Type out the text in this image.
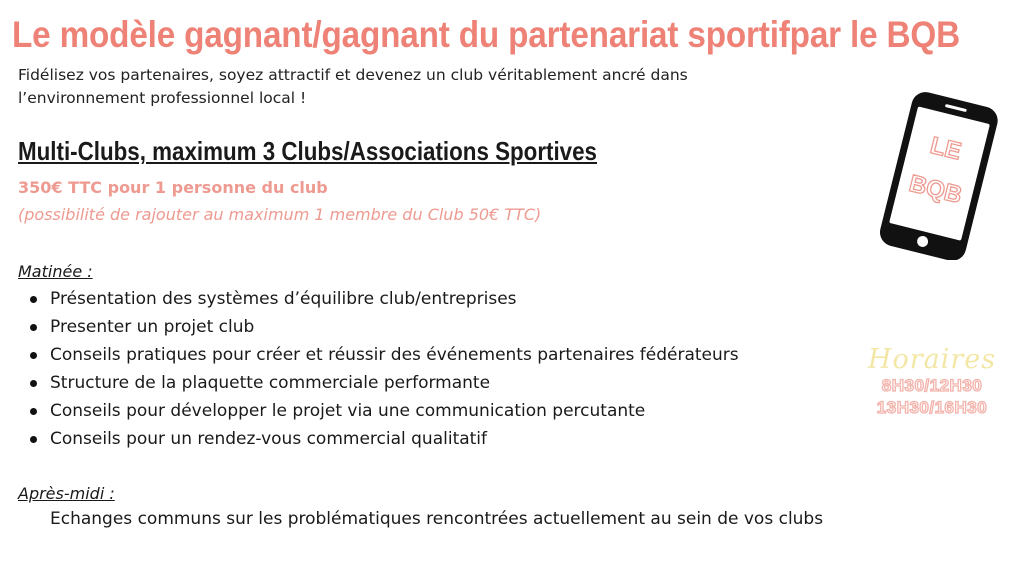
Le modèle gagnant/gagnant du partenariat sportifpar le BQB
Fidélisez vos partenaires, soyez attractif et devenez un club véritablement ancré dans l’environnement professionnel local !
Multi-Clubs, maximum 3 Clubs/Associations Sportives
350€ TTC pour 1 personne du club
(possibilité de rajouter au maximum 1 membre du Club 50€ TTC)
Matinée :
Présentation des systèmes d’équilibre club/entreprises
Presenter un projet club
Conseils pratiques pour créer et réussir des événements partenaires fédérateurs
Structure de la plaquette commerciale performante
Conseils pour développer le projet via une communication percutante
Conseils pour un rendez-vous commercial qualitatif
Après-midi :
Echanges communs sur les problématiques rencontrées actuellement au sein de vos clubs
LE
BQB
Horaires
8H30/12H30
13H30/16H30
